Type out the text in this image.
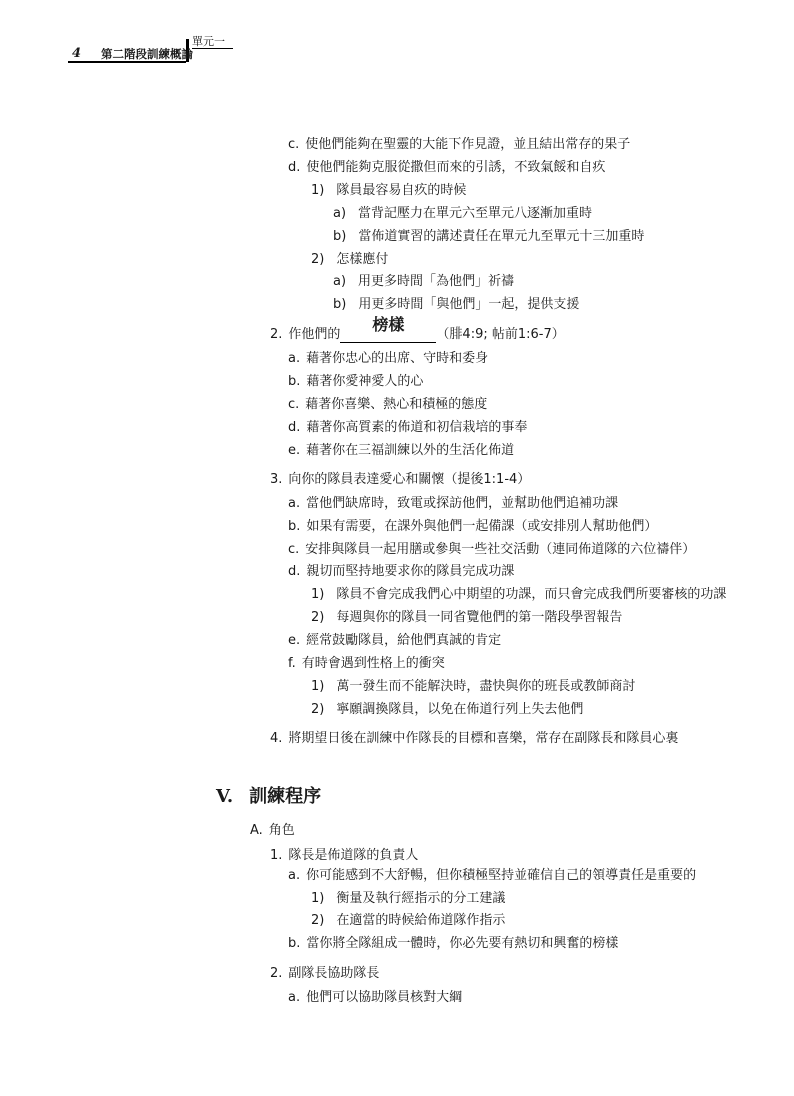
單元一
4 第二階段訓練概論
c. 使他們能夠在聖靈的大能下作見證，並且結出常存的果子
d. 使他們能夠克服從撒但而來的引誘，不致氣餒和自疚
1) 隊員最容易自疚的時候
a) 當背記壓力在單元六至單元八逐漸加重時
b) 當佈道實習的講述責任在單元九至單元十三加重時
2) 怎樣應付
a) 用更多時間「為他們」祈禱
b) 用更多時間「與他們」一起，提供支援
2. 作他們的
榜樣
（腓4:9; 帖前1:6-7）
a. 藉著你忠心的出席、守時和委身
b. 藉著你愛神愛人的心
c. 藉著你喜樂、熱心和積極的態度
d. 藉著你高質素的佈道和初信栽培的事奉
e. 藉著你在三福訓練以外的生活化佈道
3. 向你的隊員表達愛心和關懷（提後1:1-4）
a. 當他們缺席時，致電或探訪他們，並幫助他們追補功課
b. 如果有需要，在課外與他們一起備課（或安排別人幫助他們）
c. 安排與隊員一起用膳或參與一些社交活動（連同佈道隊的六位禱伴）
d. 親切而堅持地要求你的隊員完成功課
1) 隊員不會完成我們心中期望的功課，而只會完成我們所要審核的功課
2) 每週與你的隊員一同省覽他們的第一階段學習報告
e. 經常鼓勵隊員，給他們真誠的肯定
f. 有時會遇到性格上的衝突
1) 萬一發生而不能解決時，盡快與你的班長或教師商討
2) 寧願調換隊員，以免在佈道行列上失去他們
4. 將期望日後在訓練中作隊長的目標和喜樂，常存在副隊長和隊員心裏
V. 訓練程序
A. 角色
1. 隊長是佈道隊的負責人
a. 你可能感到不大舒暢，但你積極堅持並確信自己的領導責任是重要的
1) 衡量及執行經指示的分工建議
2) 在適當的時候給佈道隊作指示
b. 當你將全隊組成一體時，你必先要有熱切和興奮的榜樣
2. 副隊長協助隊長
a. 他們可以協助隊員核對大綱
